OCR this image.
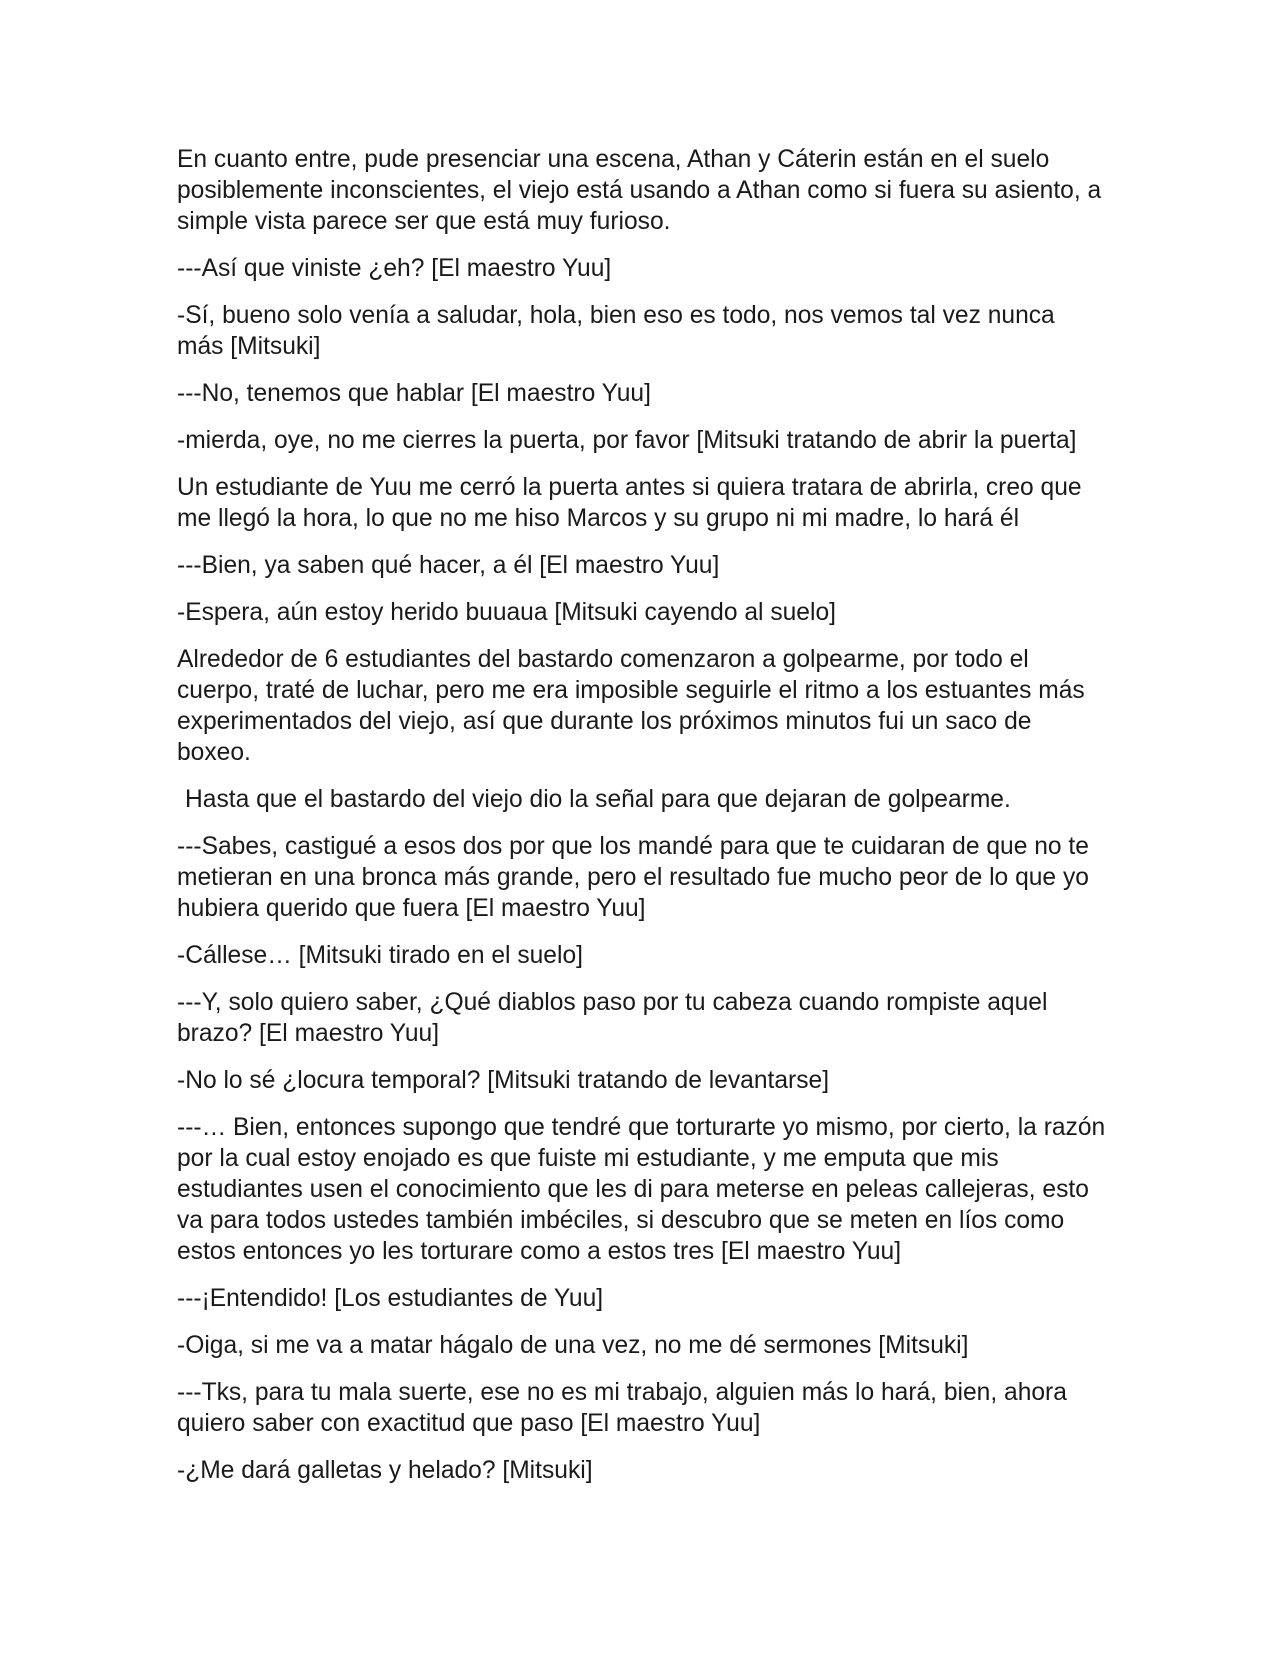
En cuanto entre, pude presenciar una escena, Athan y Cáterin están en el suelo posiblemente inconscientes, el viejo está usando a Athan como si fuera su asiento, a simple vista parece ser que está muy furioso.

---Así que viniste ¿eh? [El maestro Yuu]

-Sí, bueno solo venía a saludar, hola, bien eso es todo, nos vemos tal vez nunca más [Mitsuki]

---No, tenemos que hablar [El maestro Yuu]

-mierda, oye, no me cierres la puerta, por favor [Mitsuki tratando de abrir la puerta]

Un estudiante de Yuu me cerró la puerta antes si quiera tratara de abrirla, creo que me llegó la hora, lo que no me hiso Marcos y su grupo ni mi madre, lo hará él

---Bien, ya saben qué hacer, a él [El maestro Yuu]

-Espera, aún estoy herido buuaua [Mitsuki cayendo al suelo]

Alrededor de 6 estudiantes del bastardo comenzaron a golpearme, por todo el cuerpo, traté de luchar, pero me era imposible seguirle el ritmo a los estuantes más experimentados del viejo, así que durante los próximos minutos fui un saco de boxeo.

Hasta que el bastardo del viejo dio la señal para que dejaran de golpearme.

---Sabes, castigué a esos dos por que los mandé para que te cuidaran de que no te metieran en una bronca más grande, pero el resultado fue mucho peor de lo que yo hubiera querido que fuera [El maestro Yuu]

-Cállese… [Mitsuki tirado en el suelo]

---Y, solo quiero saber, ¿Qué diablos paso por tu cabeza cuando rompiste aquel brazo? [El maestro Yuu]

-No lo sé ¿locura temporal? [Mitsuki tratando de levantarse]

---… Bien, entonces supongo que tendré que torturarte yo mismo, por cierto, la razón por la cual estoy enojado es que fuiste mi estudiante, y me emputa que mis estudiantes usen el conocimiento que les di para meterse en peleas callejeras, esto va para todos ustedes también imbéciles, si descubro que se meten en líos como estos entonces yo les torturare como a estos tres [El maestro Yuu]

---¡Entendido! [Los estudiantes de Yuu]

-Oiga, si me va a matar hágalo de una vez, no me dé sermones [Mitsuki]

---Tks, para tu mala suerte, ese no es mi trabajo, alguien más lo hará, bien, ahora quiero saber con exactitud que paso [El maestro Yuu]

-¿Me dará galletas y helado? [Mitsuki]
